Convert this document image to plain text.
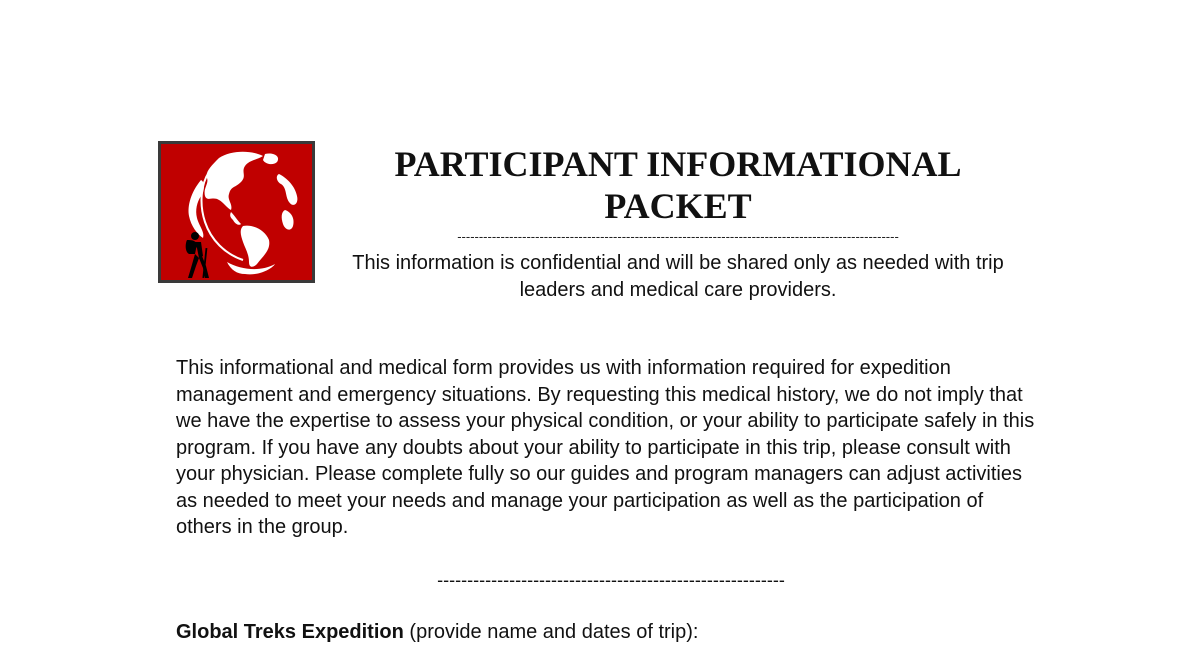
PARTICIPANT INFORMATIONAL PACKET
------------------------------------------------------------------------------------------------------

This information is confidential and will be shared only as needed with trip leaders and medical care providers.

This informational and medical form provides us with information required for expedition management and emergency situations. By requesting this medical history, we do not imply that we have the expertise to assess your physical condition, or your ability to participate safely in this program. If you have any doubts about your ability to participate in this trip, please consult with your physician. Please complete fully so our guides and program managers can adjust activities as needed to meet your needs and manage your participation as well as the participation of others in the group.

----------------------------------------------------------
Global Treks Expedition (provide name and dates of trip):
